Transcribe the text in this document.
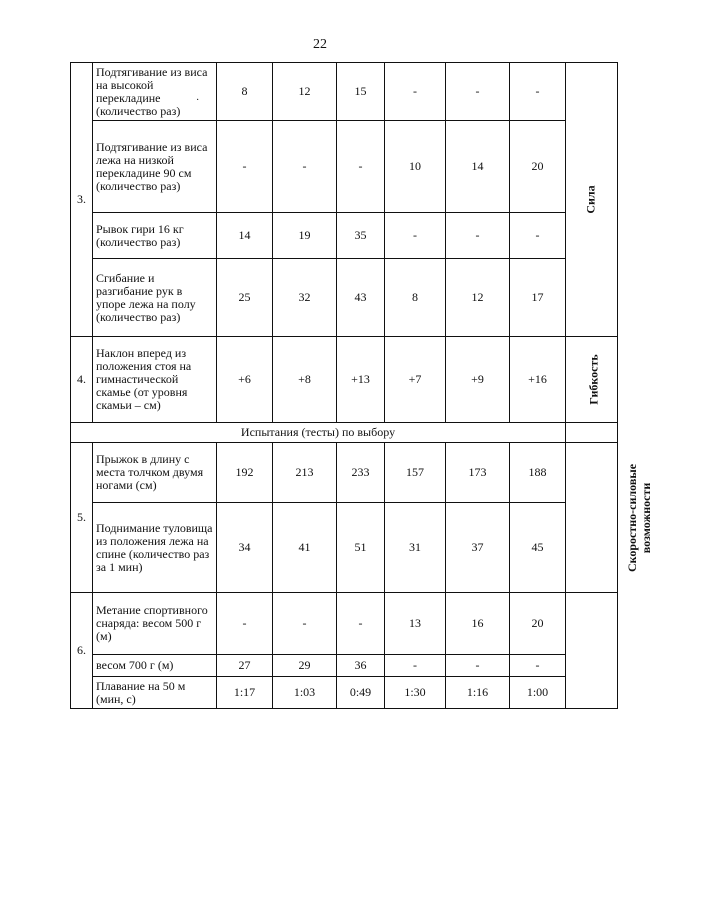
22
·
3.	Подтягивание из виса на высокой перекладине (количество раз)	8	12	15	-	-	-	Сила
	Подтягивание из виса лежа на низкой перекладине 90 см (количество раз)	-	-	-	10	14	20	
	Рывок гири 16 кг (количество раз)	14	19	35	-	-	-	
	Сгибание и разгибание рук в упоре лежа на полу (количество раз)	25	32	43	8	12	17	
4.	Наклон вперед из положения стоя на гимнастической скамье (от уровня скамьи – см)	+6	+8	+13	+7	+9	+16	Гибкость
Испытания (тесты) по выбору								
5.	Прыжок в длину с места толчком двумя ногами (см)	192	213	233	157	173	188	Скоростно-силовые возможности
	Поднимание туловища из положения лежа на спине (количество раз за 1 мин)	34	41	51	31	37	45	
6.	Метание спортивного снаряда: весом 500 г (м)	-	-	-	13	16	20	
	весом 700 г (м)	27	29	36	-	-	-	
	Плавание на 50 м (мин, с)	1:17	1:03	0:49	1:30	1:16	1:00	
